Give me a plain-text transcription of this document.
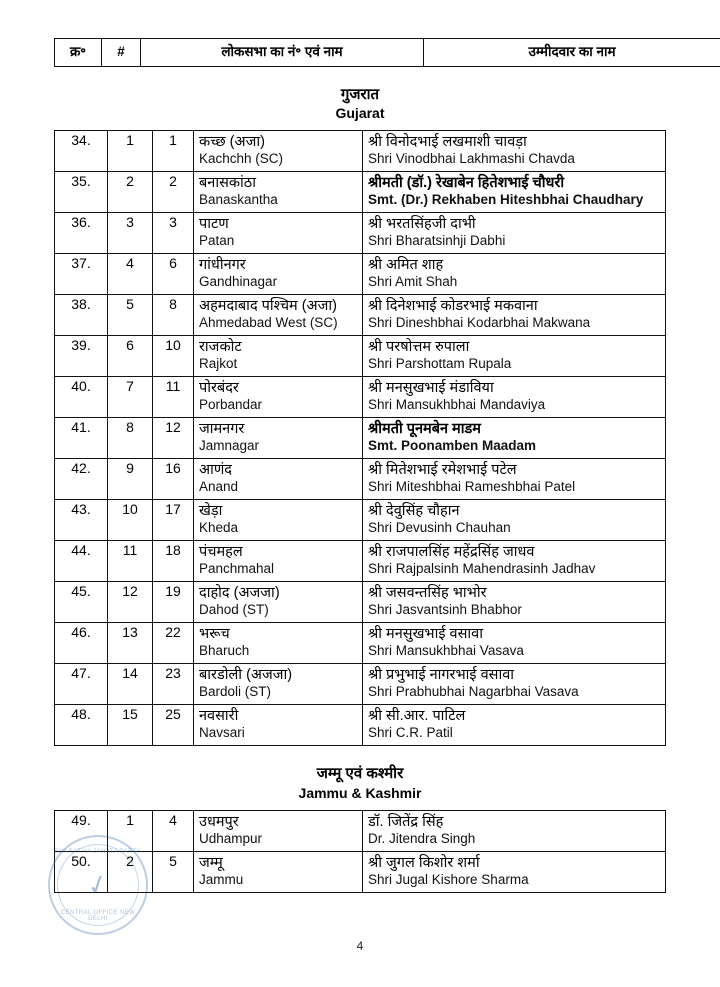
क्र॰	#	लोकसभा का नं॰ एवं नाम	उम्मीदवार का नाम
गुजरात
Gujarat
34.	1	1	कच्छ (अजा)
Kachchh (SC)

श्री विनोदभाई लखमाशी चावड़ा
Shri Vinodbhai Lakhmashi Chavda

35.	2	2	बनासकांठा
Banaskantha

श्रीमती (डॉ.) रेखाबेन हितेशभाई चौधरी
Smt. (Dr.) Rekhaben Hiteshbhai Chaudhary

36.	3	3	पाटण
Patan

श्री भरतसिंहजी दाभी
Shri Bharatsinhji Dabhi

37.	4	6	गांधीनगर
Gandhinagar

श्री अमित शाह
Shri Amit Shah

38.	5	8	अहमदाबाद पश्चिम (अजा)
Ahmedabad West (SC)

श्री दिनेशभाई कोडरभाई मकवाना
Shri Dineshbhai Kodarbhai Makwana

39.	6	10	राजकोट
Rajkot

श्री परषोत्तम रुपाला
Shri Parshottam Rupala

40.	7	11	पोरबंदर
Porbandar

श्री मनसुखभाई मंडाविया
Shri Mansukhbhai Mandaviya

41.	8	12	जामनगर
Jamnagar

श्रीमती पूनमबेन माडम
Smt. Poonamben Maadam

42.	9	16	आणंद
Anand

श्री मितेशभाई रमेशभाई पटेल
Shri Miteshbhai Rameshbhai Patel

43.	10	17	खेड़ा
Kheda

श्री देवुसिंह चौहान
Shri Devusinh Chauhan

44.	11	18	पंचमहल
Panchmahal

श्री राजपालसिंह महेंद्रसिंह जाधव
Shri Rajpalsinh Mahendrasinh Jadhav

45.	12	19	दाहोद (अजजा)
Dahod (ST)

श्री जसवन्तसिंह भाभोर
Shri Jasvantsinh Bhabhor

46.	13	22	भरूच
Bharuch

श्री मनसुखभाई वसावा
Shri Mansukhbhai Vasava

47.	14	23	बारडोली (अजजा)
Bardoli (ST)

श्री प्रभुभाई नागरभाई वसावा
Shri Prabhubhai Nagarbhai Vasava

48.	15	25	नवसारी
Navsari

श्री सी.आर. पाटिल
Shri C.R. Patil
जम्मू एवं कश्मीर
Jammu & Kashmir
49.	1	4	उधमपुर
Udhampur

डॉ. जितेंद्र सिंह
Dr. Jitendra Singh

50.	2	5	जम्मू
Jammu

श्री जुगल किशोर शर्मा
Shri Jugal Kishore Sharma
BHARATIYA JANATA PARTY
✓
CENTRAL OFFICE NEW DELHI
4
